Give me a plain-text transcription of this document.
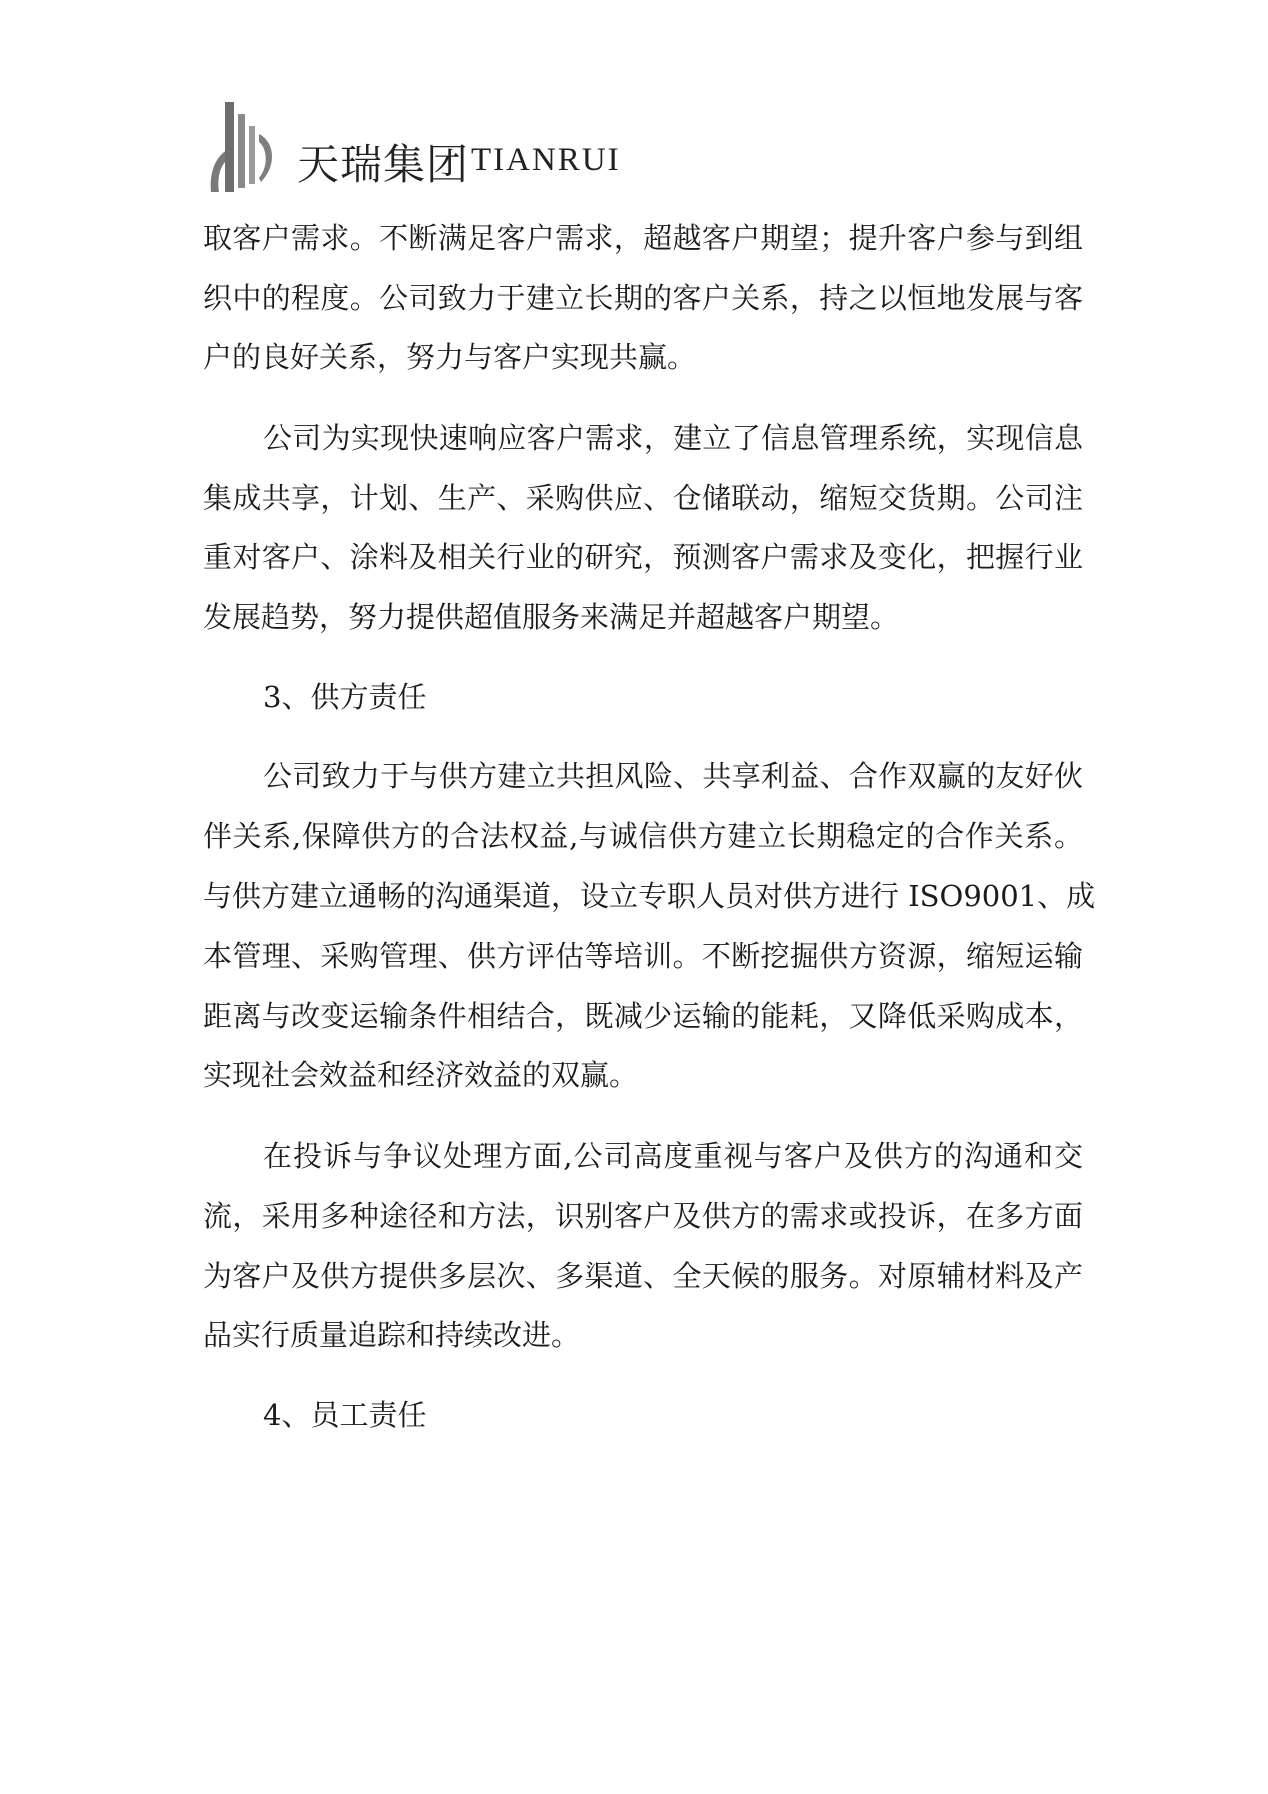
天瑞集团 TIANRUI
取客户需求。不断满足客户需求，超越客户期望；提升客户参与到组
织中的程度。公司致力于建立长期的客户关系，持之以恒地发展与客
户的良好关系，努力与客户实现共赢。
公司为实现快速响应客户需求，建立了信息管理系统，实现信息
集成共享，计划、生产、采购供应、仓储联动，缩短交货期。公司注
重对客户、涂料及相关行业的研究，预测客户需求及变化，把握行业
发展趋势，努力提供超值服务来满足并超越客户期望。
3、供方责任
公司致力于与供方建立共担风险、共享利益、合作双赢的友好伙
伴关系,保障供方的合法权益,与诚信供方建立长期稳定的合作关系。
与供方建立通畅的沟通渠道，设立专职人员对供方进行 ISO9001、成
本管理、采购管理、供方评估等培训。不断挖掘供方资源，缩短运输
距离与改变运输条件相结合，既减少运输的能耗，又降低采购成本，
实现社会效益和经济效益的双赢。
在投诉与争议处理方面,公司高度重视与客户及供方的沟通和交
流，采用多种途径和方法，识别客户及供方的需求或投诉，在多方面
为客户及供方提供多层次、多渠道、全天候的服务。对原辅材料及产
品实行质量追踪和持续改进。
4、员工责任
